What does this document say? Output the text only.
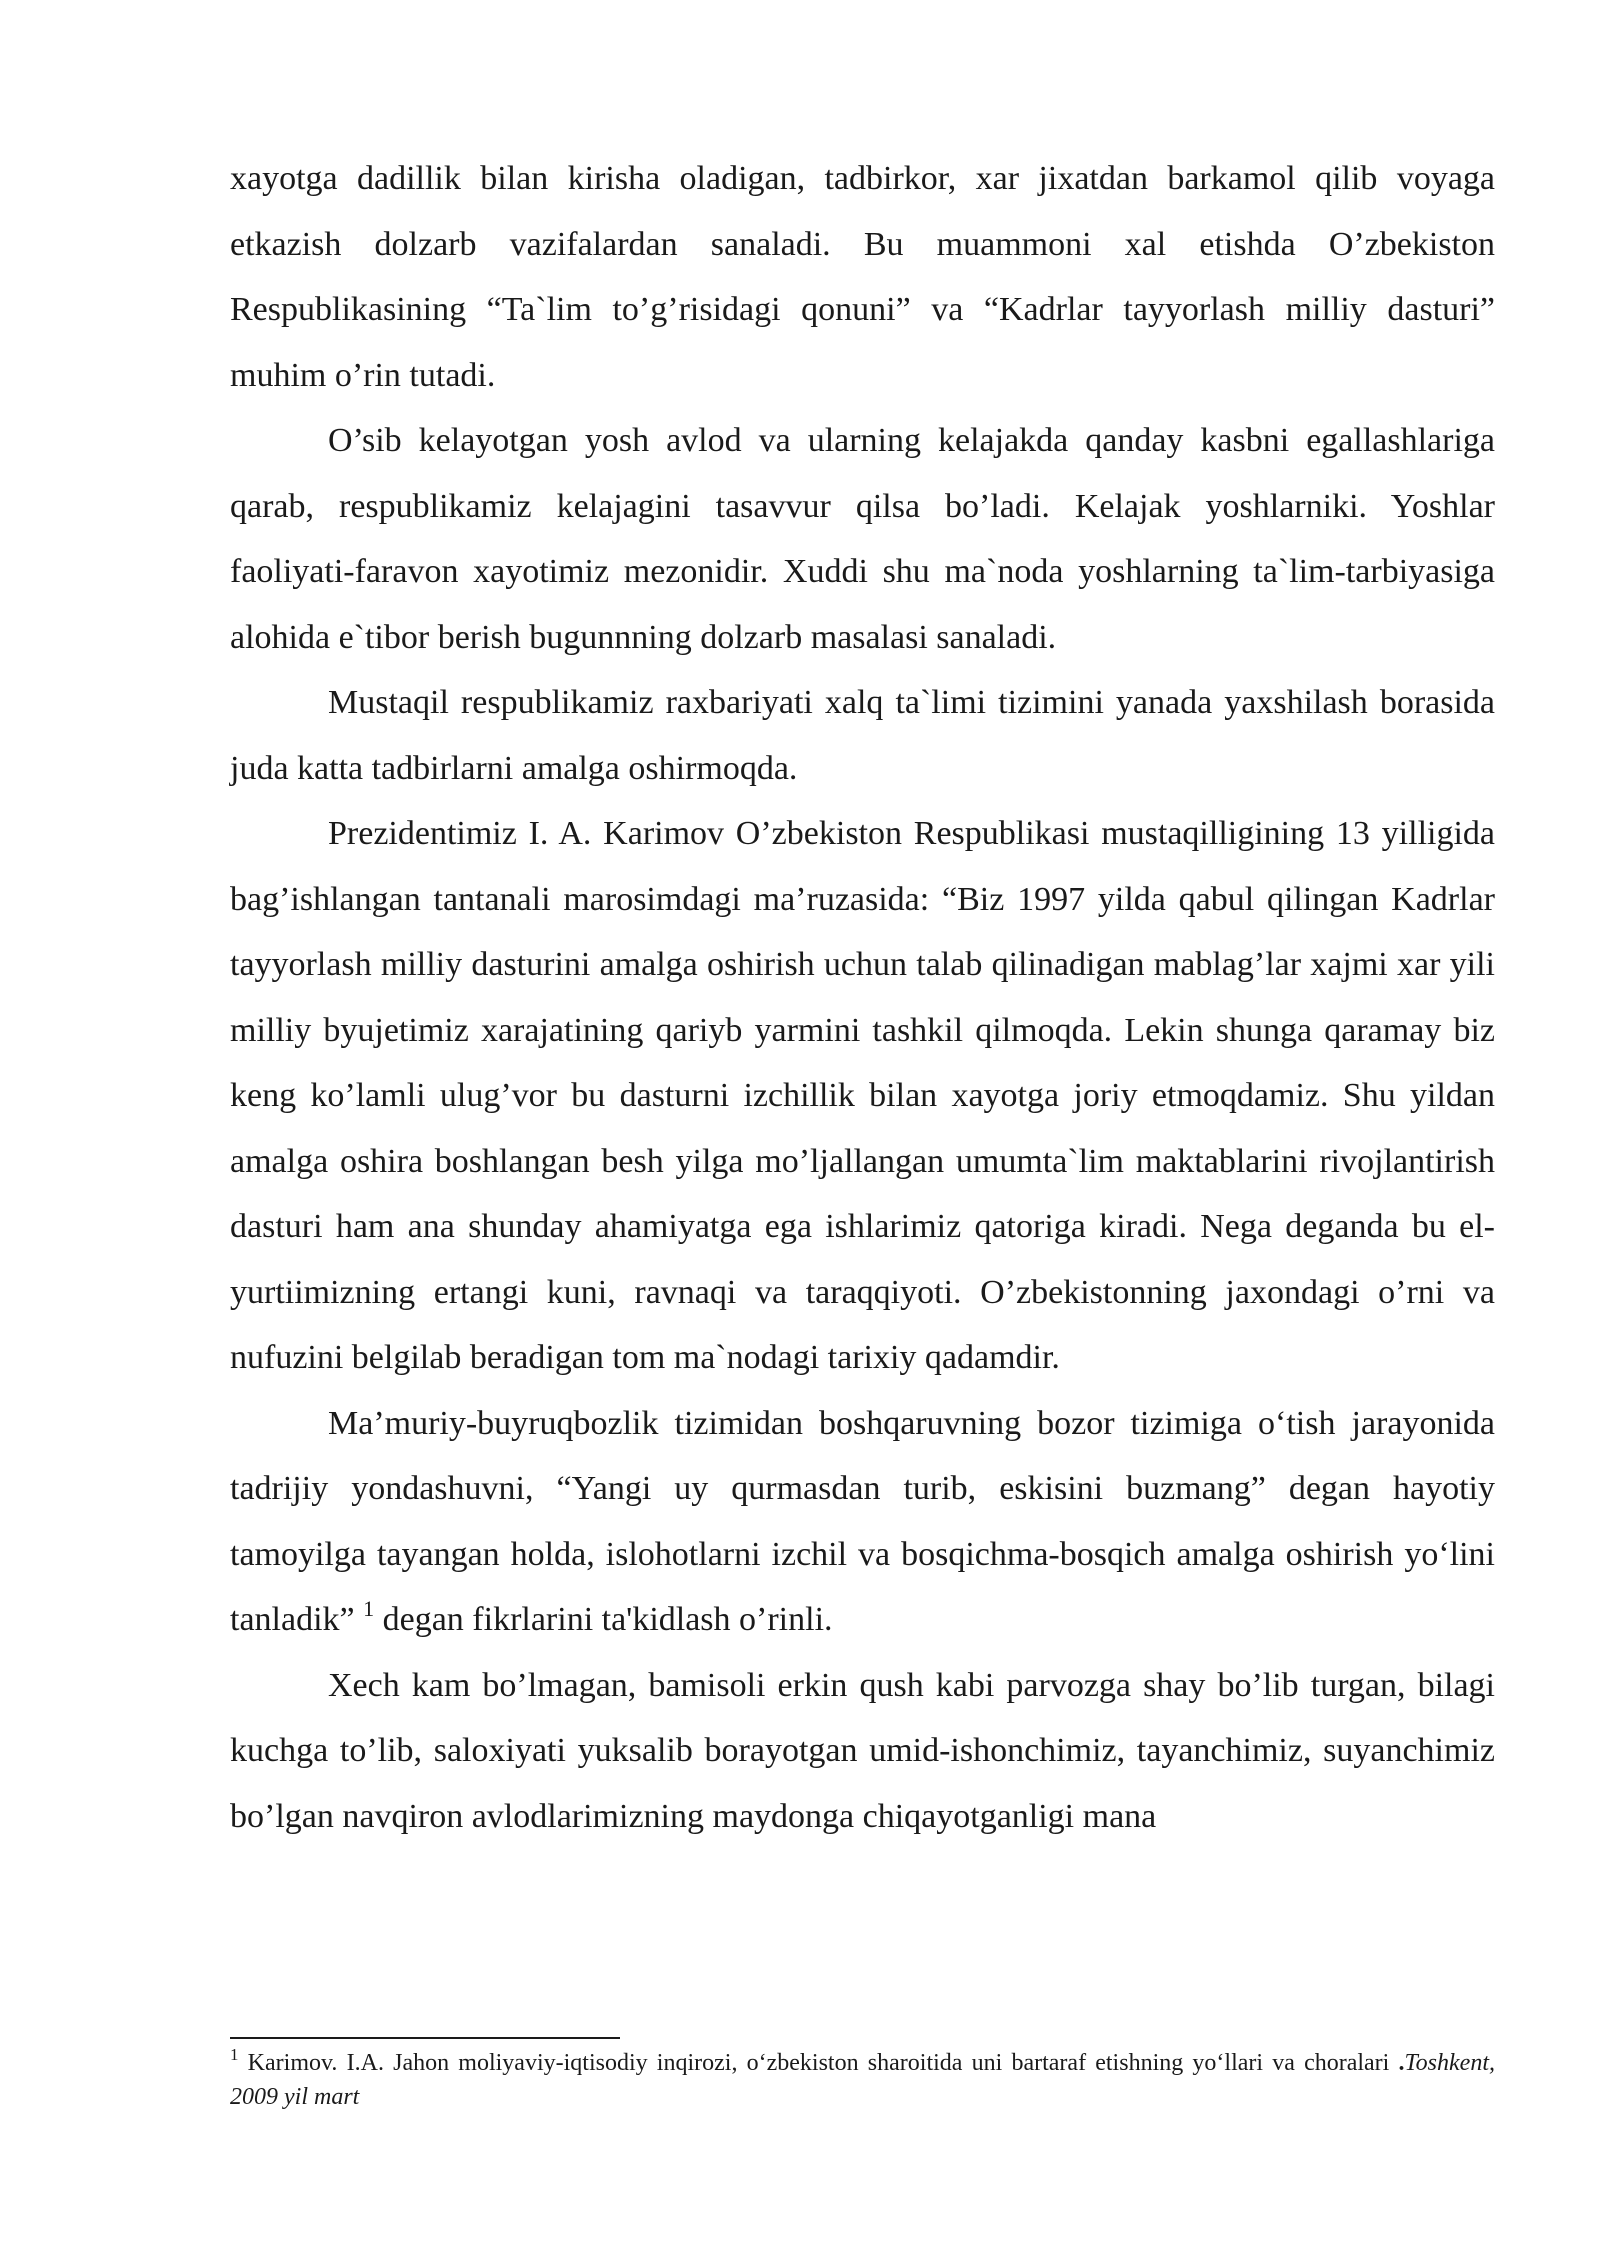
xayotga dadillik bilan kirisha oladigan, tadbirkor, xar jixatdan barkamol qilib voyaga etkazish dolzarb vazifalardan sanaladi. Bu muammoni xal etishda O’zbekiston Respublikasining “Ta`lim to’g’risidagi qonuni” va “Kadrlar tayyorlash milliy dasturi” muhim o’rin tutadi.

O’sib kelayotgan yosh avlod va ularning kelajakda qanday kasbni egallashlariga qarab, respublikamiz kelajagini tasavvur qilsa bo’ladi. Kelajak yoshlarniki. Yoshlar faoliyati-faravon xayotimiz mezonidir. Xuddi shu ma`noda yoshlarning ta`lim-tarbiyasiga alohida e`tibor berish bugunnning dolzarb masalasi sanaladi.

Mustaqil respublikamiz raxbariyati xalq ta`limi tizimini yanada yaxshilash borasida juda katta tadbirlarni amalga oshirmoqda.

Prezidentimiz I. A. Karimov O’zbekiston Respublikasi mustaqilligining 13 yilligida bag’ishlangan tantanali marosimdagi ma’ruzasida: “Biz 1997 yilda qabul qilingan Kadrlar tayyorlash milliy dasturini amalga oshirish uchun talab qilinadigan mablag’lar xajmi xar yili milliy byujetimiz xarajatining qariyb yarmini tashkil qilmoqda. Lekin shunga qaramay biz keng ko’lamli ulug’vor bu dasturni izchillik bilan xayotga joriy etmoqdamiz. Shu yildan amalga oshira boshlangan besh yilga mo’ljallangan umumta`lim maktablarini rivojlantirish dasturi ham ana shunday ahamiyatga ega ishlarimiz qatoriga kiradi. Nega deganda bu el-yurtiimizning ertangi kuni, ravnaqi va taraqqiyoti. O’zbekistonning jaxondagi o’rni va nufuzini belgilab beradigan tom ma`nodagi tarixiy qadamdir.

Ma’muriy-buyruqbozlik tizimidan boshqaruvning bozor tizimiga o‘tish jarayonida tadrijiy yondashuvni, “Yangi uy qurmasdan turib, eskisini buzmang” degan hayotiy tamoyilga tayangan holda, islohotlarni izchil va bosqichma-bosqich amalga oshirish yo‘lini tanladik” $^1$ degan fikrlarini ta'kidlash o’rinli.

Xech kam bo’lmagan, bamisoli erkin qush kabi parvozga shay bo’lib turgan, bilagi kuchga to’lib, saloxiyati yuksalib borayotgan umid-ishonchimiz, tayanchimiz, suyanchimiz bo’lgan navqiron avlodlarimizning maydonga chiqayotganligi mana

$^1$ Karimov. I.A. Jahon moliyaviy-iqtisodiy inqirozi, o‘zbekiston sharoitida uni bartaraf etishning yo‘llari va choralari .Toshkent, 2009 yil mart
